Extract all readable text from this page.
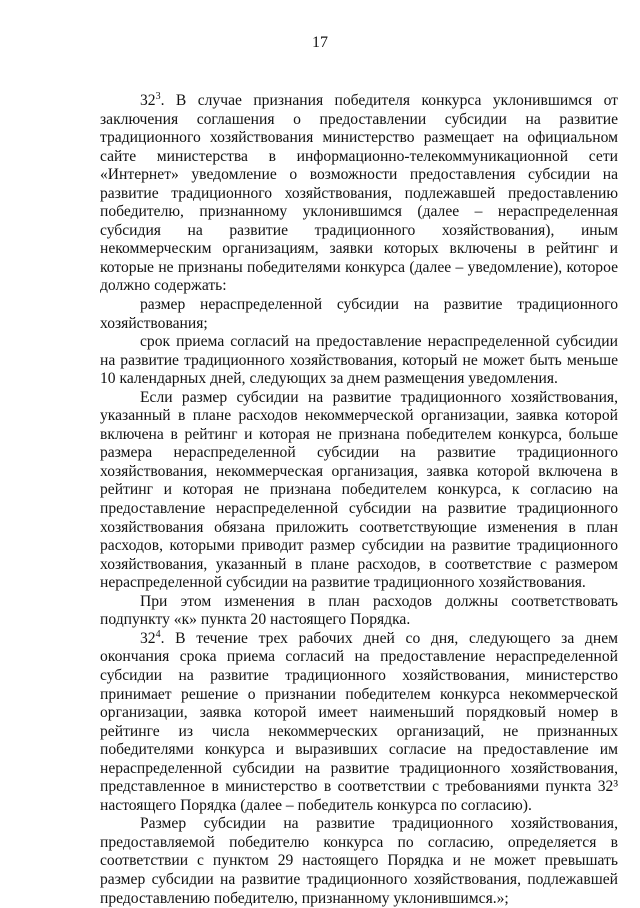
17

$32^3$. В случае признания победителя конкурса уклонившимся от заключения соглашения о предоставлении субсидии на развитие традиционного хозяйствования министерство размещает на официальном сайте министерства в информационно-телекоммуникационной сети «Интернет» уведомление о возможности предоставления субсидии на развитие традиционного хозяйствования, подлежавшей предоставлению победителю, признанному уклонившимся (далее – нераспределенная субсидия на развитие традиционного хозяйствования), иным некоммерческим организациям, заявки которых включены в рейтинг и которые не признаны победителями конкурса (далее – уведомление), которое должно содержать:

размер нераспределенной субсидии на развитие традиционного хозяйствования;

срок приема согласий на предоставление нераспределенной субсидии на развитие традиционного хозяйствования, который не может быть меньше 10 календарных дней, следующих за днем размещения уведомления.

Если размер субсидии на развитие традиционного хозяйствования, указанный в плане расходов некоммерческой организации, заявка которой включена в рейтинг и которая не признана победителем конкурса, больше размера нераспределенной субсидии на развитие традиционного хозяйствования, некоммерческая организация, заявка которой включена в рейтинг и которая не признана победителем конкурса, к согласию на предоставление нераспределенной субсидии на развитие традиционного хозяйствования обязана приложить соответствующие изменения в план расходов, которыми приводит размер субсидии на развитие традиционного хозяйствования, указанный в плане расходов, в соответствие с размером нераспределенной субсидии на развитие традиционного хозяйствования.

При этом изменения в план расходов должны соответствовать подпункту «к» пункта 20 настоящего Порядка.

$32^4$. В течение трех рабочих дней со дня, следующего за днем окончания срока приема согласий на предоставление нераспределенной субсидии на развитие традиционного хозяйствования, министерство принимает решение о признании победителем конкурса некоммерческой организации, заявка которой имеет наименьший порядковый номер в рейтинге из числа некоммерческих организаций, не признанных победителями конкурса и выразивших согласие на предоставление им нераспределенной субсидии на развитие традиционного хозяйствования, представленное в министерство в соответствии с требованиями пункта 32³ настоящего Порядка (далее – победитель конкурса по согласию).

Размер субсидии на развитие традиционного хозяйствования, предоставляемой победителю конкурса по согласию, определяется в соответствии с пунктом 29 настоящего Порядка и не может превышать размер субсидии на развитие традиционного хозяйствования, подлежавшей предоставлению победителю, признанному уклонившимся.»;
